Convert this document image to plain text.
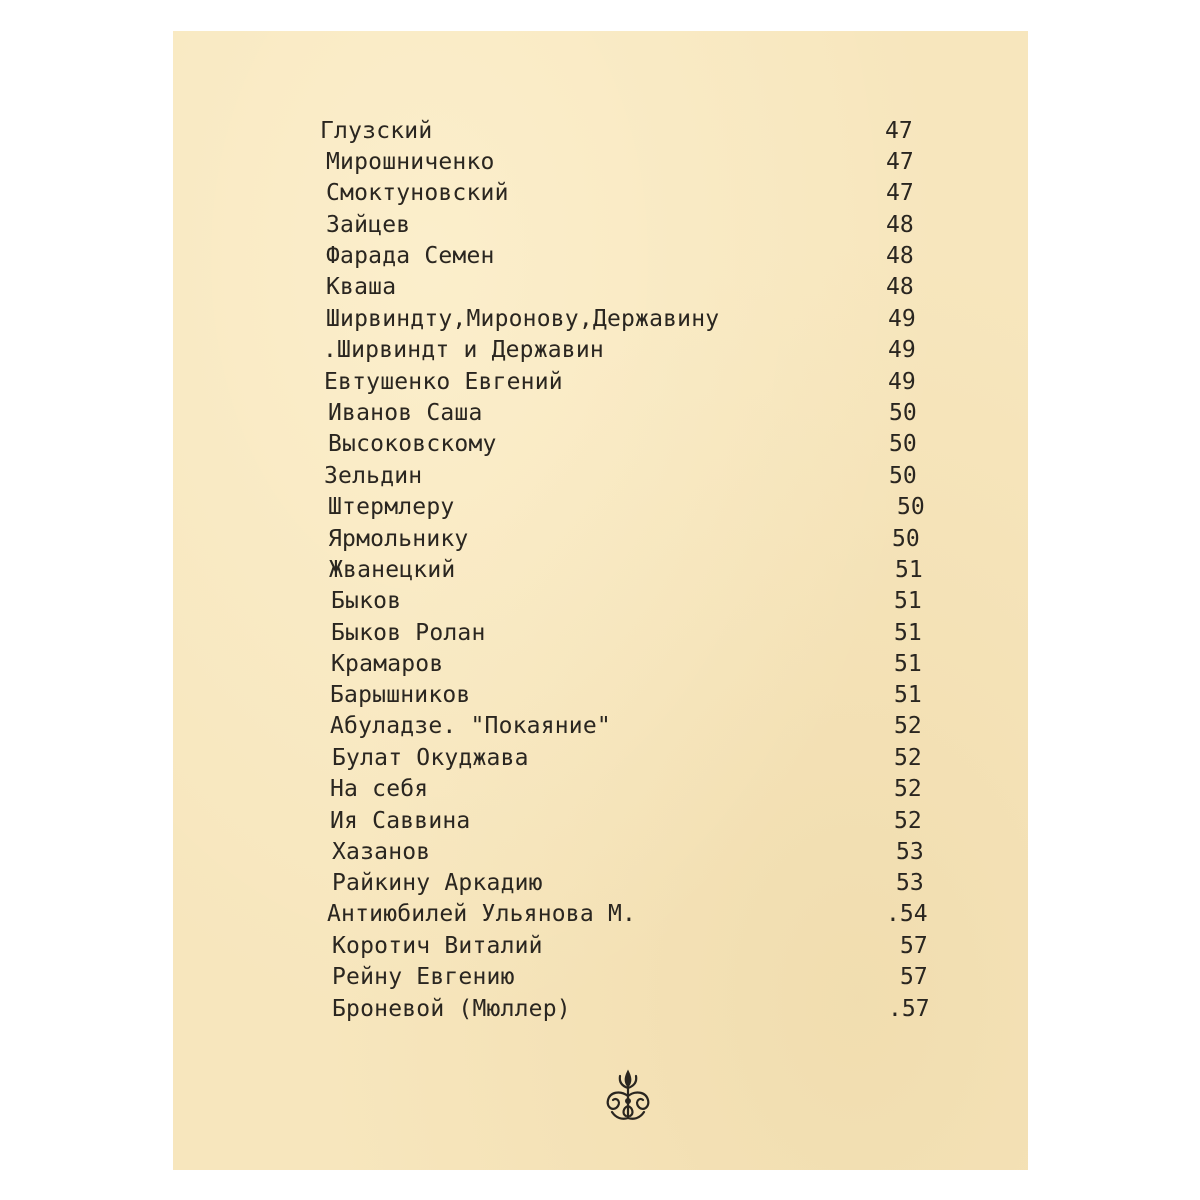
Глузский	47
Мирошниченко	47
Смоктуновский	47
Зайцев	48
Фарада Семен	48
Кваша	48
Ширвиндту,Миронову,Державину	49
.Ширвиндт и Державин	49
Евтушенко Евгений	49
Иванов Саша	50
Высоковскому	50
Зельдин	50
Штермлеру	50
Ярмольнику	50
Жванецкий	51
Быков	51
Быков Ролан	51
Крамаров	51
Барышников	51
Абуладзе. "Покаяние"	52
Булат Окуджава	52
На себя	52
Ия Саввина	52
Хазанов	53
Райкину Аркадию	53
Антиюбилей Ульянова М.	.54
Коротич Виталий	57
Рейну Евгению	57
Броневой (Мюллер)	.57
